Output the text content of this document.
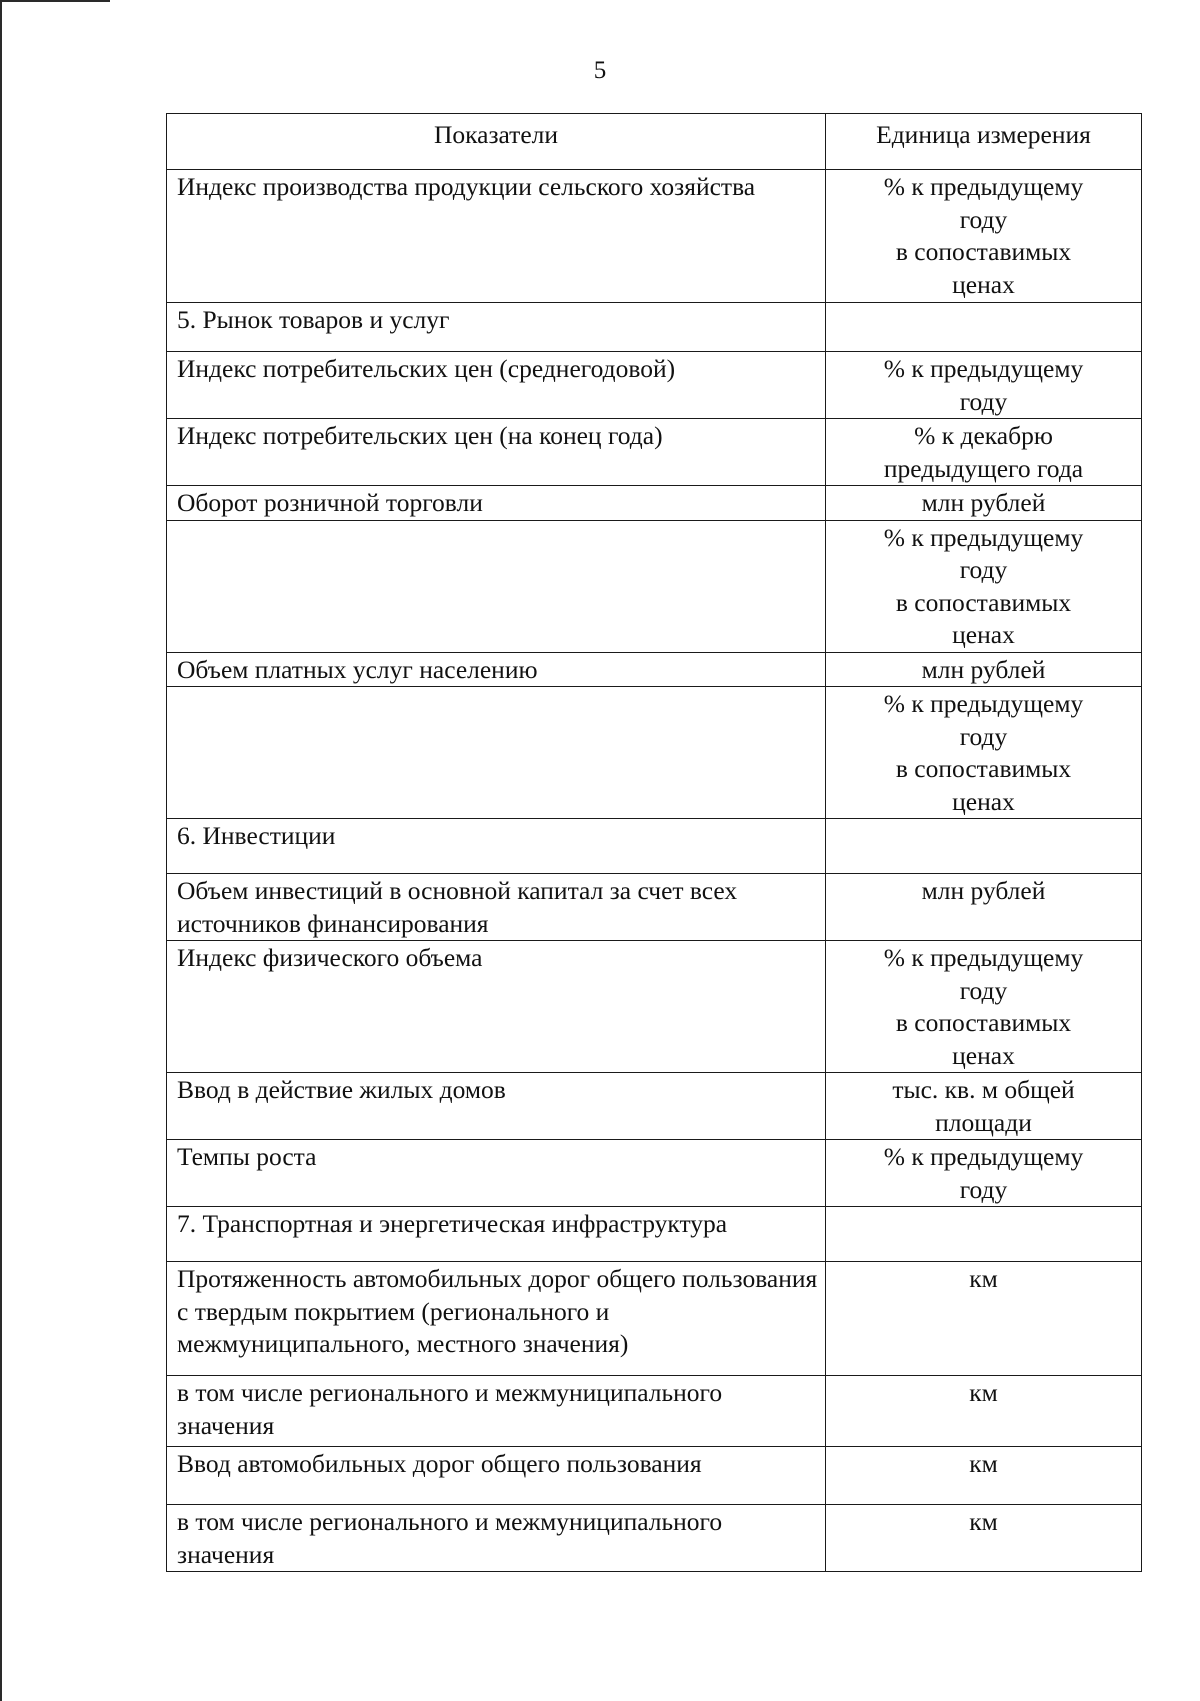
5
Показатели	Единица измерения

Индекс производства продукции сельского хозяйства	% к предыдущему
году
в сопоставимых
ценах

5. Рынок товаров и услуг	

Индекс потребительских цен (среднегодовой)	% к предыдущему
году

Индекс потребительских цен (на конец года)	% к декабрю
предыдущего года

Оборот розничной торговли	млн рублей

	% к предыдущему
году
в сопоставимых
ценах

Объем платных услуг населению	млн рублей

	% к предыдущему
году
в сопоставимых
ценах

6. Инвестиции	

Объем инвестиций в основной капитал за счет всех источников финансирования	млн рублей

Индекс физического объема	% к предыдущему
году
в сопоставимых
ценах

Ввод в действие жилых домов	тыс. кв. м общей
площади

Темпы роста	% к предыдущему
году

7. Транспортная и энергетическая инфраструктура	

Протяженность автомобильных дорог общего пользования с твердым покрытием (регионального и межмуниципального, местного значения)	км

в том числе регионального и межмуниципального значения	км

Ввод автомобильных дорог общего пользования	км

в том числе регионального и межмуниципального значения	км
